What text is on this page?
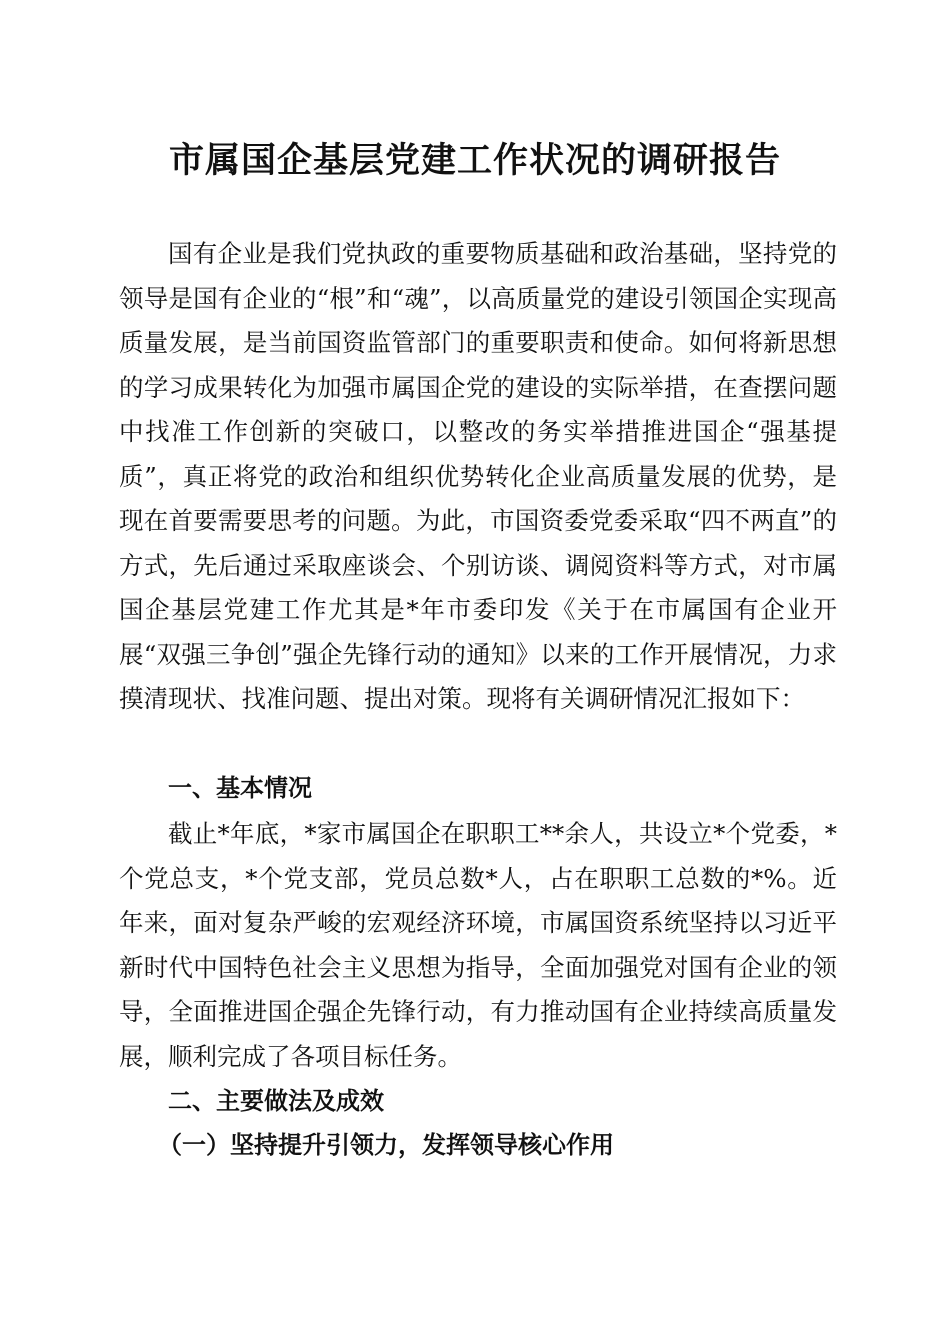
市属国企基层党建工作状况的调研报告

国有企业是我们党执政的重要物质基础和政治基础，坚持党的领导是国有企业的“根”和“魂”，以高质量党的建设引领国企实现高质量发展，是当前国资监管部门的重要职责和使命。如何将新思想的学习成果转化为加强市属国企党的建设的实际举措，在查摆问题中找准工作创新的突破口，以整改的务实举措推进国企“强基提质”，真正将党的政治和组织优势转化企业高质量发展的优势，是现在首要需要思考的问题。为此，市国资委党委采取“四不两直”的方式，先后通过采取座谈会、个别访谈、调阅资料等方式，对市属国企基层党建工作尤其是*年市委印发《关于在市属国有企业开展“双强三争创”强企先锋行动的通知》以来的工作开展情况，力求摸清现状、找准问题、提出对策。现将有关调研情况汇报如下：

一、基本情况

截止*年底，*家市属国企在职职工**余人，共设立*个党委，*个党总支，*个党支部，党员总数*人，占在职职工总数的*%。近年来，面对复杂严峻的宏观经济环境，市属国资系统坚持以习近平新时代中国特色社会主义思想为指导，全面加强党对国有企业的领导，全面推进国企强企先锋行动，有力推动国有企业持续高质量发展，顺利完成了各项目标任务。

二、主要做法及成效
（一）坚持提升引领力，发挥领导核心作用
